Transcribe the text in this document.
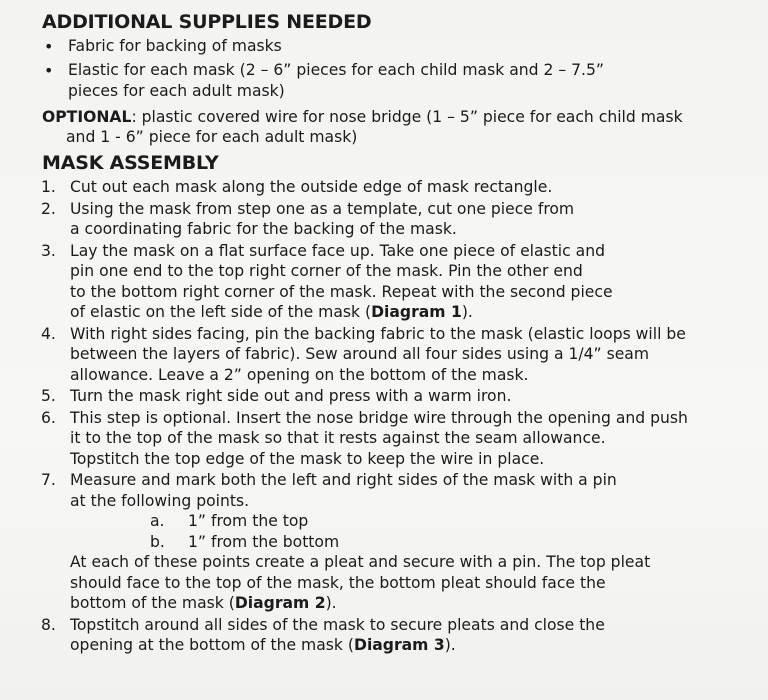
ADDITIONAL SUPPLIES NEEDED
• Fabric for backing of masks
• Elastic for each mask (2 – 6” pieces for each child mask and 2 – 7.5”
pieces for each adult mask)
OPTIONAL: plastic covered wire for nose bridge (1 – 5” piece for each child mask
and 1 - 6” piece for each adult mask)
MASK ASSEMBLY
1. Cut out each mask along the outside edge of mask rectangle.
2. Using the mask from step one as a template, cut one piece from
a coordinating fabric for the backing of the mask.
3. Lay the mask on a flat surface face up. Take one piece of elastic and
pin one end to the top right corner of the mask. Pin the other end
to the bottom right corner of the mask. Repeat with the second piece
of elastic on the left side of the mask (Diagram 1).
4. With right sides facing, pin the backing fabric to the mask (elastic loops will be
between the layers of fabric). Sew around all four sides using a 1/4” seam
allowance. Leave a 2” opening on the bottom of the mask.
5. Turn the mask right side out and press with a warm iron.
6. This step is optional. Insert the nose bridge wire through the opening and push
it to the top of the mask so that it rests against the seam allowance.
Topstitch the top edge of the mask to keep the wire in place.
7. Measure and mark both the left and right sides of the mask with a pin
at the following points.
a. 1” from the top
b. 1” from the bottom
At each of these points create a pleat and secure with a pin. The top pleat
should face to the top of the mask, the bottom pleat should face the
bottom of the mask (Diagram 2).
8. Topstitch around all sides of the mask to secure pleats and close the
opening at the bottom of the mask (Diagram 3).
